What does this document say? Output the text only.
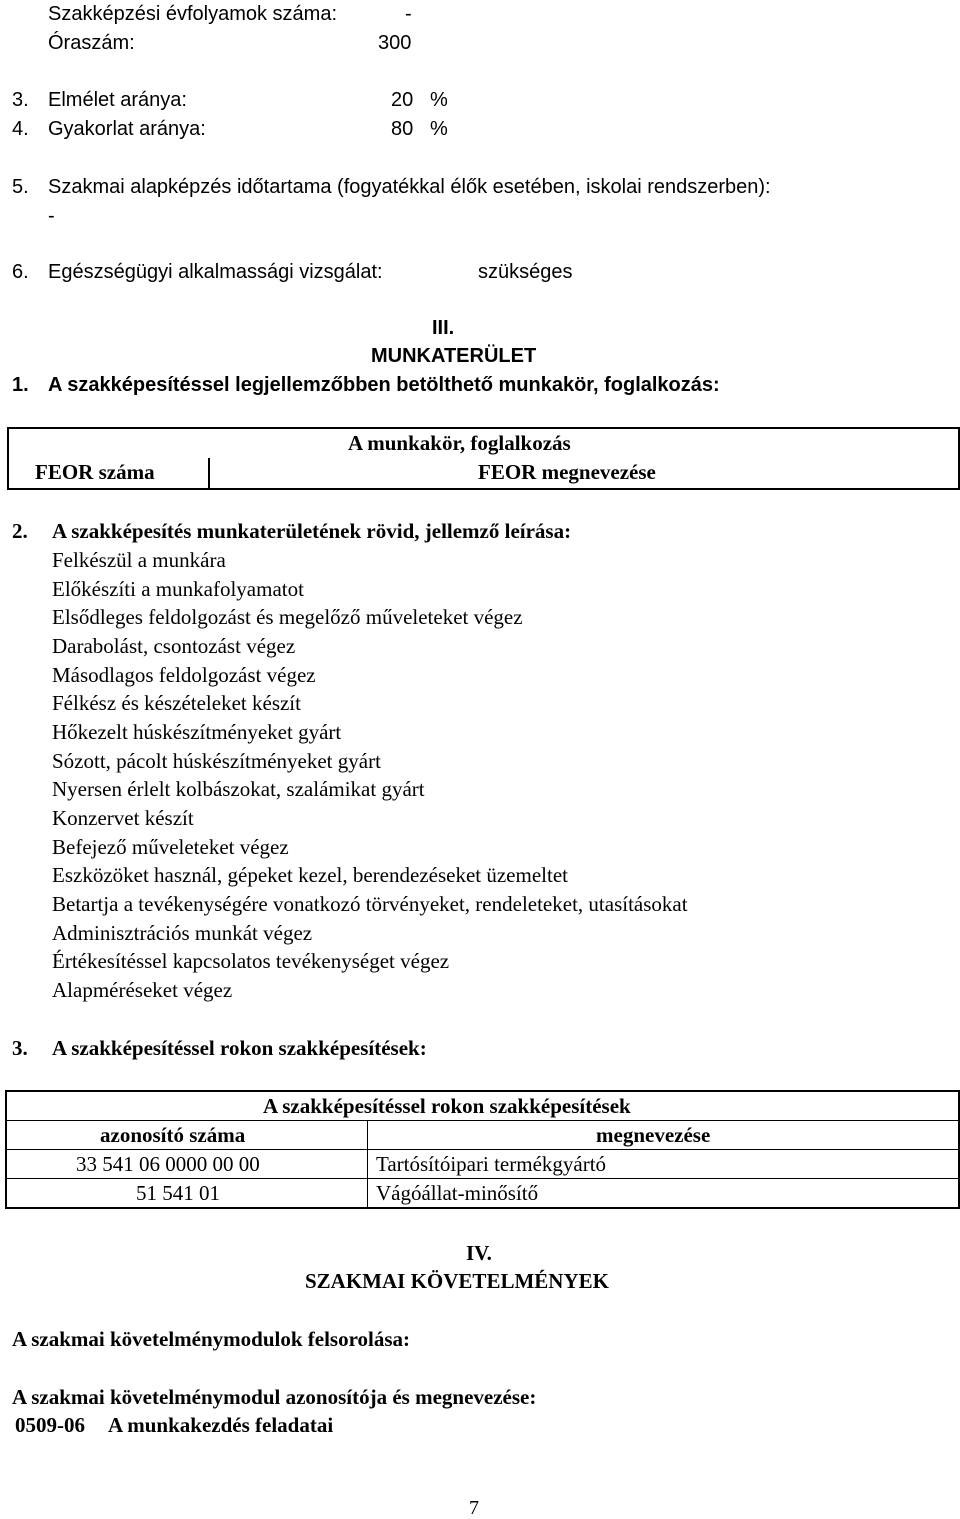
Szakképzési évfolyamok száma:	-
Óraszám:	300
3. Elmélet aránya:	20 %
4. Gyakorlat aránya:	80 %
5. Szakmai alapképzés időtartama (fogyatékkal élők esetében, iskolai rendszerben):
-
6. Egészségügyi alkalmassági vizsgálat:	szükséges
III.
MUNKATERÜLET
1. A szakképesítéssel legjellemzőbben betölthető munkakör, foglalkozás:
A munkakör, foglalkozás
FEOR száma	FEOR megnevezése
2. A szakképesítés munkaterületének rövid, jellemző leírása:
Felkészül a munkára
Előkészíti a munkafolyamatot
Elsődleges feldolgozást és megelőző műveleteket végez
Darabolást, csontozást végez
Másodlagos feldolgozást végez
Félkész és készételeket készít
Hőkezelt húskészítményeket gyárt
Sózott, pácolt húskészítményeket gyárt
Nyersen érlelt kolbászokat, szalámikat gyárt
Konzervet készít
Befejező műveleteket végez
Eszközöket használ, gépeket kezel, berendezéseket üzemeltet
Betartja a tevékenységére vonatkozó törvényeket, rendeleteket, utasításokat
Adminisztrációs munkát végez
Értékesítéssel kapcsolatos tevékenységet végez
Alapméréseket végez
3. A szakképesítéssel rokon szakképesítések:
A szakképesítéssel rokon szakképesítések
azonosító száma	megnevezése
33 541 06 0000 00 00	Tartósítóipari termékgyártó
51 541 01	Vágóállat-minősítő
IV.
SZAKMAI KÖVETELMÉNYEK
A szakmai követelménymodulok felsorolása:
A szakmai követelménymodul azonosítója és megnevezése:
0509-06 A munkakezdés feladatai
7
